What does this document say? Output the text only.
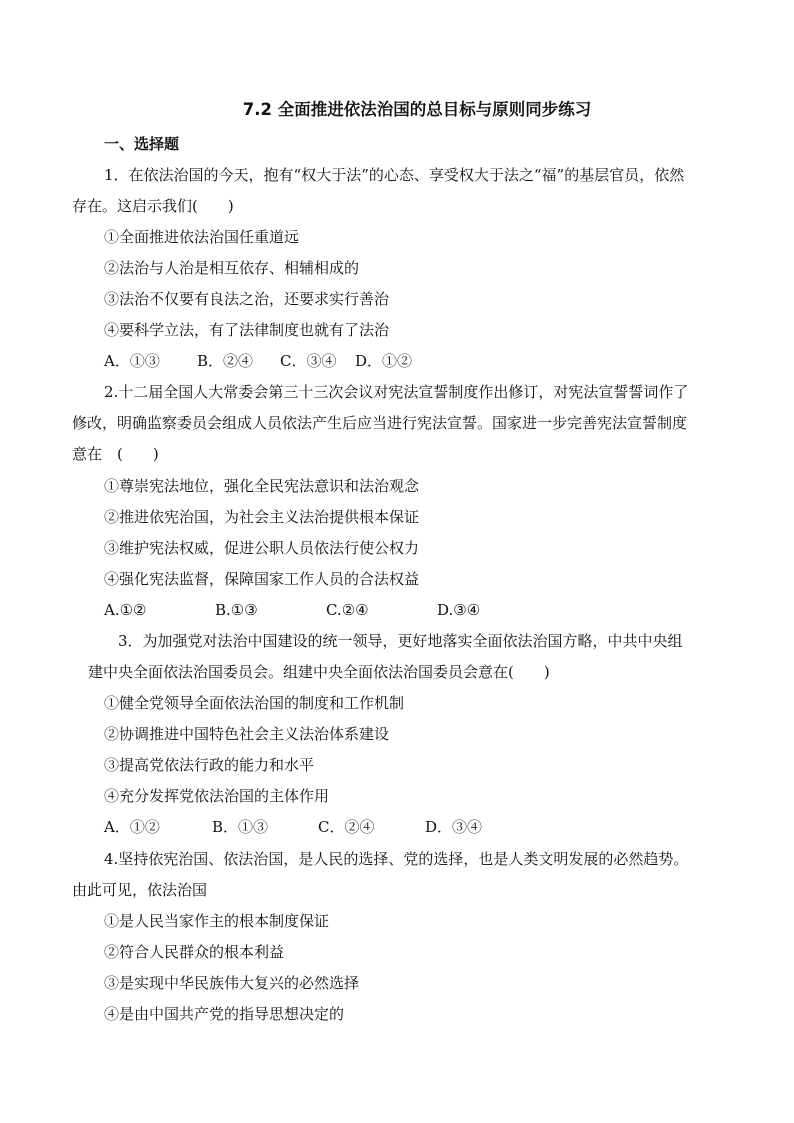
7.2 全面推进依法治国的总目标与原则同步练习
一、选择题

1．在依法治国的今天，抱有“权大于法”的心态、享受权大于法之“福”的基层官员，依然

存在。这启示我们(　　)

①全面推进依法治国任重道远

②法治与人治是相互依存、相辅相成的

③法治不仅要有良法之治，还要求实行善治

④要科学立法，有了法律制度也就有了法治

A．①③ B．②④ C．③④ D．①②

2.十二届全国人大常委会第三十三次会议对宪法宣誓制度作出修订，对宪法宣誓誓词作了

修改，明确监察委员会组成人员依法产生后应当进行宪法宣誓。国家进一步完善宪法宣誓制度

意在　(　　)

①尊崇宪法地位，强化全民宪法意识和法治观念

②推进依宪治国，为社会主义法治提供根本保证

③维护宪法权威，促进公职人员依法行使公权力

④强化宪法监督，保障国家工作人员的合法权益

A.①②	B.①③	C.②④	D.③④

3．为加强党对法治中国建设的统一领导，更好地落实全面依法治国方略，中共中央组

建中央全面依法治国委员会。组建中央全面依法治国委员会意在(　　)

①健全党领导全面依法治国的制度和工作机制

②协调推进中国特色社会主义法治体系建设

③提高党依法行政的能力和水平

④充分发挥党依法治国的主体作用

A．①②	B．①③	C．②④	D．③④

4.坚持依宪治国、依法治国，是人民的选择、党的选择，也是人类文明发展的必然趋势。

由此可见，依法治国

①是人民当家作主的根本制度保证

②符合人民群众的根本利益

③是实现中华民族伟大复兴的必然选择

④是由中国共产党的指导思想决定的
